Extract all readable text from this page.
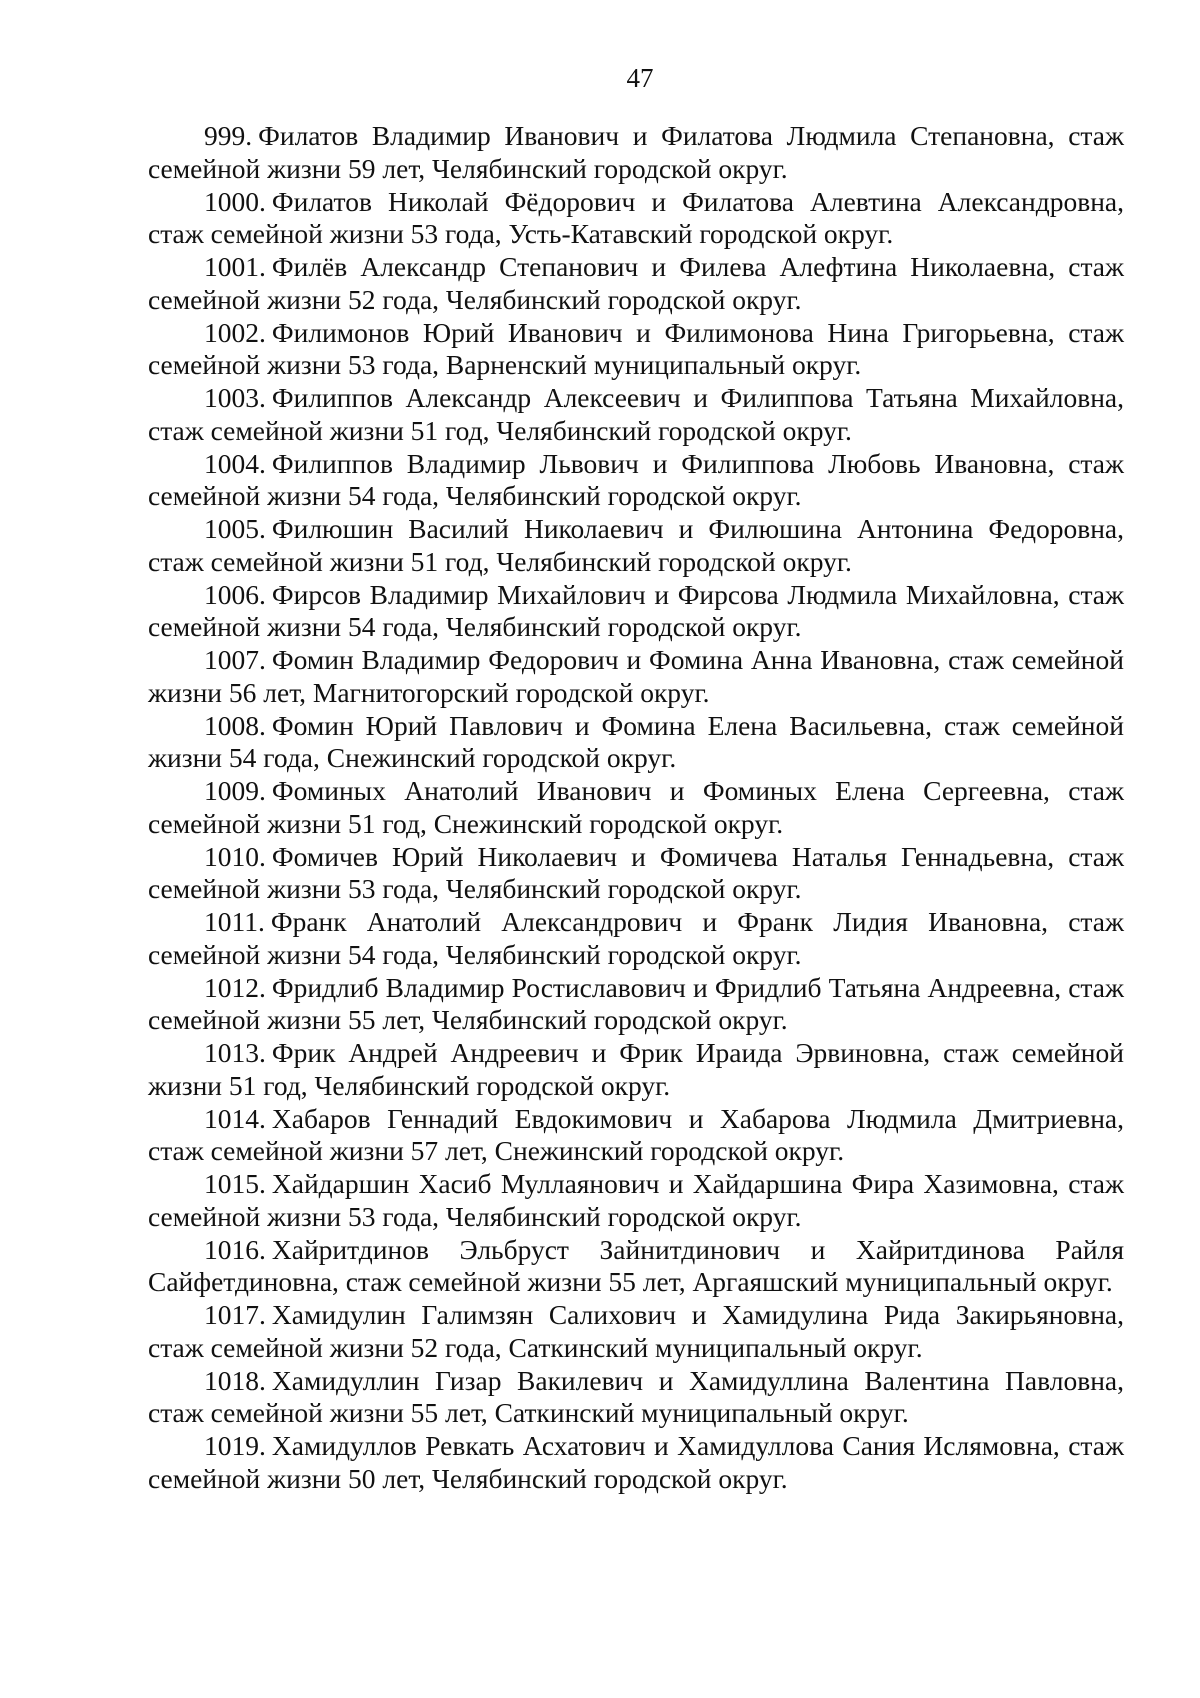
47

999. Филатов Владимир Иванович и Филатова Людмила Степановна, стаж семейной жизни 59 лет, Челябинский городской округ.

1000. Филатов Николай Фёдорович и Филатова Алевтина Александровна, стаж семейной жизни 53 года, Усть-Катавский городской округ.

1001. Филёв Александр Степанович и Филева Алефтина Николаевна, стаж семейной жизни 52 года, Челябинский городской округ.

1002. Филимонов Юрий Иванович и Филимонова Нина Григорьевна, стаж семейной жизни 53 года, Варненский муниципальный округ.

1003. Филиппов Александр Алексеевич и Филиппова Татьяна Михайловна, стаж семейной жизни 51 год, Челябинский городской округ.

1004. Филиппов Владимир Львович и Филиппова Любовь Ивановна, стаж семейной жизни 54 года, Челябинский городской округ.

1005. Филюшин Василий Николаевич и Филюшина Антонина Федоровна, стаж семейной жизни 51 год, Челябинский городской округ.

1006. Фирсов Владимир Михайлович и Фирсова Людмила Михайловна, стаж семейной жизни 54 года, Челябинский городской округ.

1007. Фомин Владимир Федорович и Фомина Анна Ивановна, стаж семейной жизни 56 лет, Магнитогорский городской округ.

1008. Фомин Юрий Павлович и Фомина Елена Васильевна, стаж семейной жизни 54 года, Снежинский городской округ.

1009. Фоминых Анатолий Иванович и Фоминых Елена Сергеевна, стаж семейной жизни 51 год, Снежинский городской округ.

1010. Фомичев Юрий Николаевич и Фомичева Наталья Геннадьевна, стаж семейной жизни 53 года, Челябинский городской округ.

1011. Франк Анатолий Александрович и Франк Лидия Ивановна, стаж семейной жизни 54 года, Челябинский городской округ.

1012. Фридлиб Владимир Ростиславович и Фридлиб Татьяна Андреевна, стаж семейной жизни 55 лет, Челябинский городской округ.

1013. Фрик Андрей Андреевич и Фрик Ираида Эрвиновна, стаж семейной жизни 51 год, Челябинский городской округ.

1014. Хабаров Геннадий Евдокимович и Хабарова Людмила Дмитриевна, стаж семейной жизни 57 лет, Снежинский городской округ.

1015. Хайдаршин Хасиб Муллаянович и Хайдаршина Фира Хазимовна, стаж семейной жизни 53 года, Челябинский городской округ.

1016. Хайритдинов Эльбруст Зайнитдинович и Хайритдинова Райля Сайфетдиновна, стаж семейной жизни 55 лет, Аргаяшский муниципальный округ.

1017. Хамидулин Галимзян Салихович и Хамидулина Рида Закирьяновна, стаж семейной жизни 52 года, Саткинский муниципальный округ.

1018. Хамидуллин Гизар Вакилевич и Хамидуллина Валентина Павловна, стаж семейной жизни 55 лет, Саткинский муниципальный округ.

1019. Хамидуллов Ревкать Асхатович и Хамидуллова Сания Ислямовна, стаж семейной жизни 50 лет, Челябинский городской округ.
